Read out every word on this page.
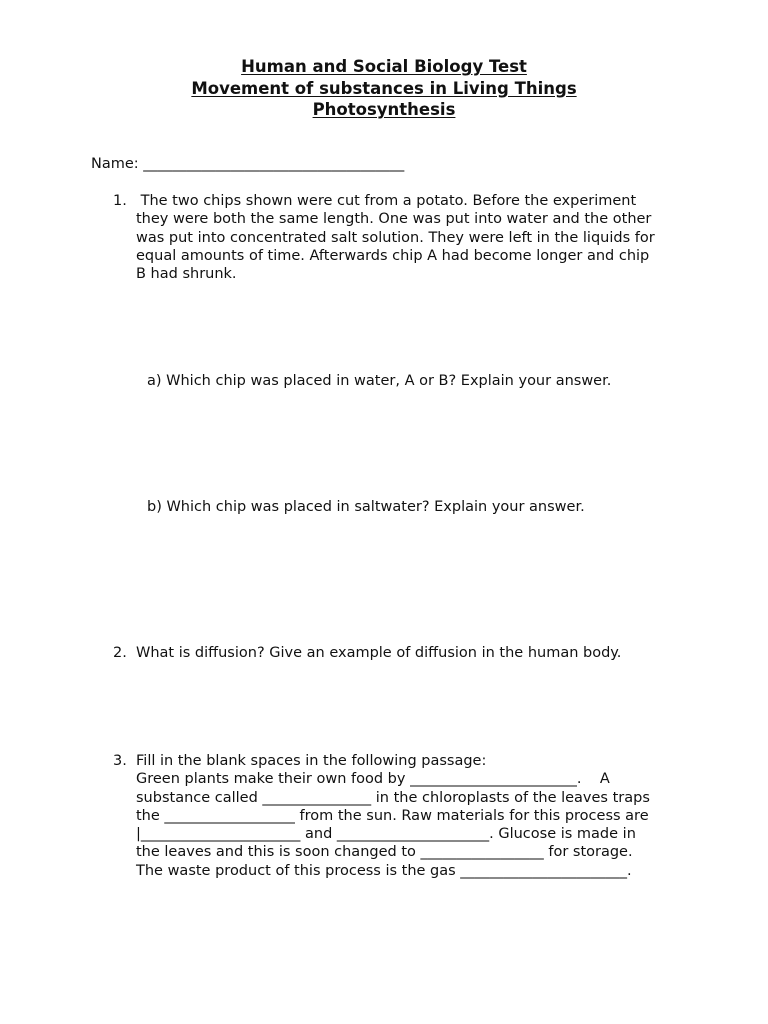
Human and Social Biology Test
Movement of substances in Living Things
Photosynthesis
Name: ____________________________________
1. The two chips shown were cut from a potato. Before the experiment
they were both the same length. One was put into water and the other
was put into concentrated salt solution. They were left in the liquids for
equal amounts of time. Afterwards chip A had become longer and chip
B had shrunk.
a) Which chip was placed in water, A or B? Explain your answer.
b) Which chip was placed in saltwater? Explain your answer.
2. What is diffusion? Give an example of diffusion in the human body.
3. Fill in the blank spaces in the following passage:
Green plants make their own food by _______________________.    A
substance called _______________ in the chloroplasts of the leaves traps
the __________________ from the sun. Raw materials for this process are
|______________________ and _____________________. Glucose is made in
the leaves and this is soon changed to _________________ for storage.
The waste product of this process is the gas _______________________.
